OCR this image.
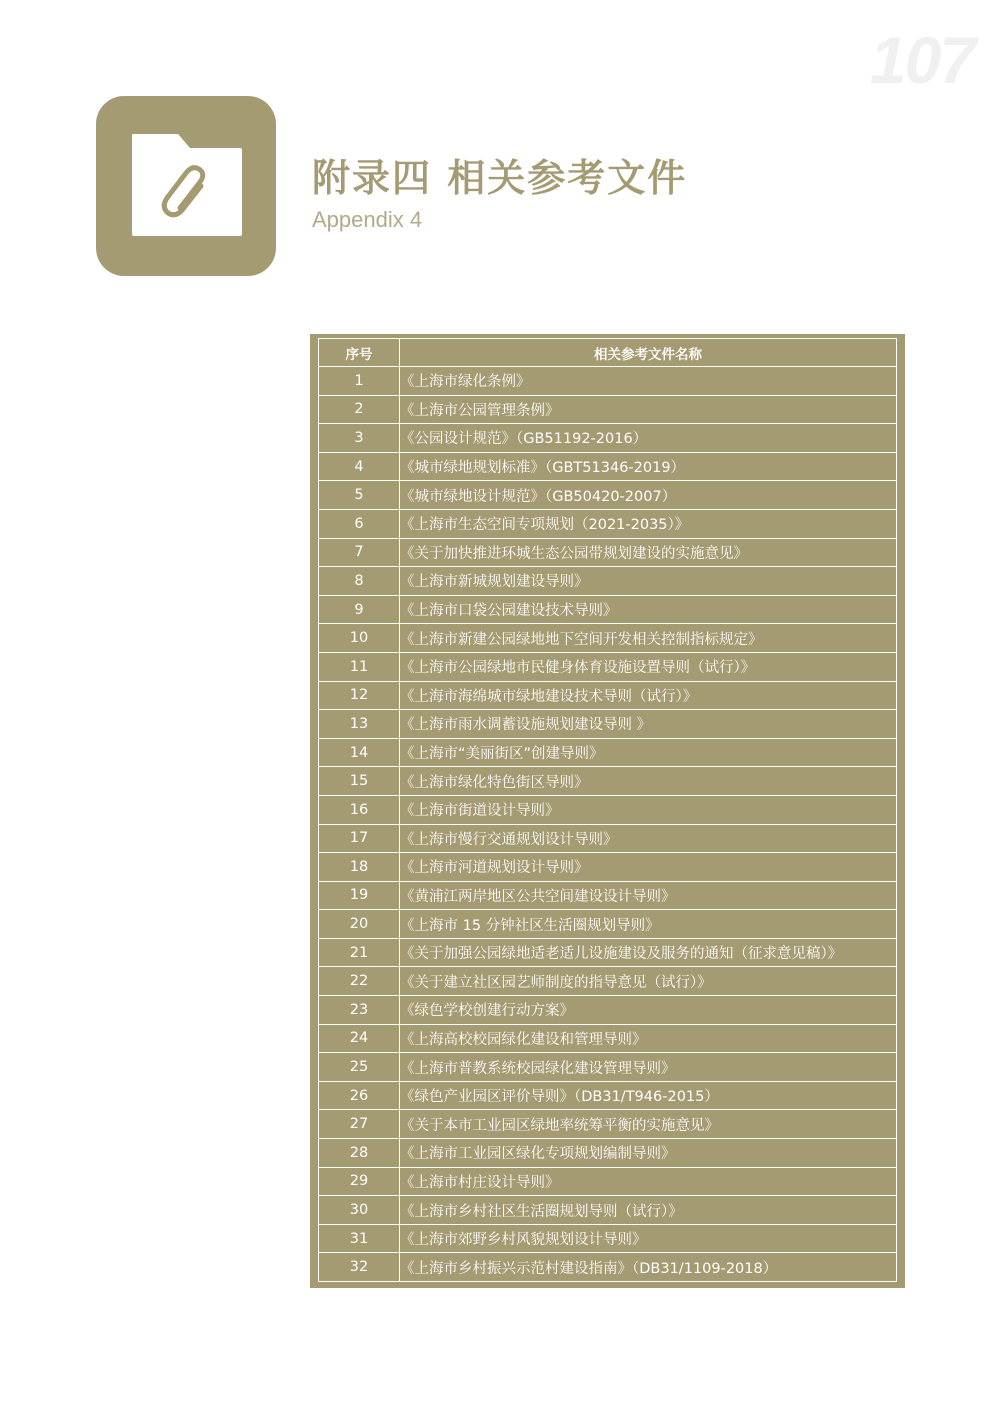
107
附录四 相关参考文件
Appendix 4
序号	相关参考文件名称
1	《上海市绿化条例》
2	《上海市公园管理条例》
3	《公园设计规范》（GB51192-2016）
4	《城市绿地规划标准》（GBT51346-2019）
5	《城市绿地设计规范》（GB50420-2007）
6	《上海市生态空间专项规划（2021-2035）》
7	《关于加快推进环城生态公园带规划建设的实施意见》
8	《上海市新城规划建设导则》
9	《上海市口袋公园建设技术导则》
10	《上海市新建公园绿地地下空间开发相关控制指标规定》
11	《上海市公园绿地市民健身体育设施设置导则（试行）》
12	《上海市海绵城市绿地建设技术导则（试行）》
13	《上海市雨水调蓄设施规划建设导则 》
14	《上海市“美丽街区”创建导则》
15	《上海市绿化特色街区导则》
16	《上海市街道设计导则》
17	《上海市慢行交通规划设计导则》
18	《上海市河道规划设计导则》
19	《黄浦江两岸地区公共空间建设设计导则》
20	《上海市 15 分钟社区生活圈规划导则》
21	《关于加强公园绿地适老适儿设施建设及服务的通知（征求意见稿）》
22	《关于建立社区园艺师制度的指导意见（试行）》
23	《绿色学校创建行动方案》
24	《上海高校校园绿化建设和管理导则》
25	《上海市普教系统校园绿化建设管理导则》
26	《绿色产业园区评价导则》（DB31/T946-2015）
27	《关于本市工业园区绿地率统筹平衡的实施意见》
28	《上海市工业园区绿化专项规划编制导则》
29	《上海市村庄设计导则》
30	《上海市乡村社区生活圈规划导则（试行）》
31	《上海市郊野乡村风貌规划设计导则》
32	《上海市乡村振兴示范村建设指南》（DB31/1109-2018）
